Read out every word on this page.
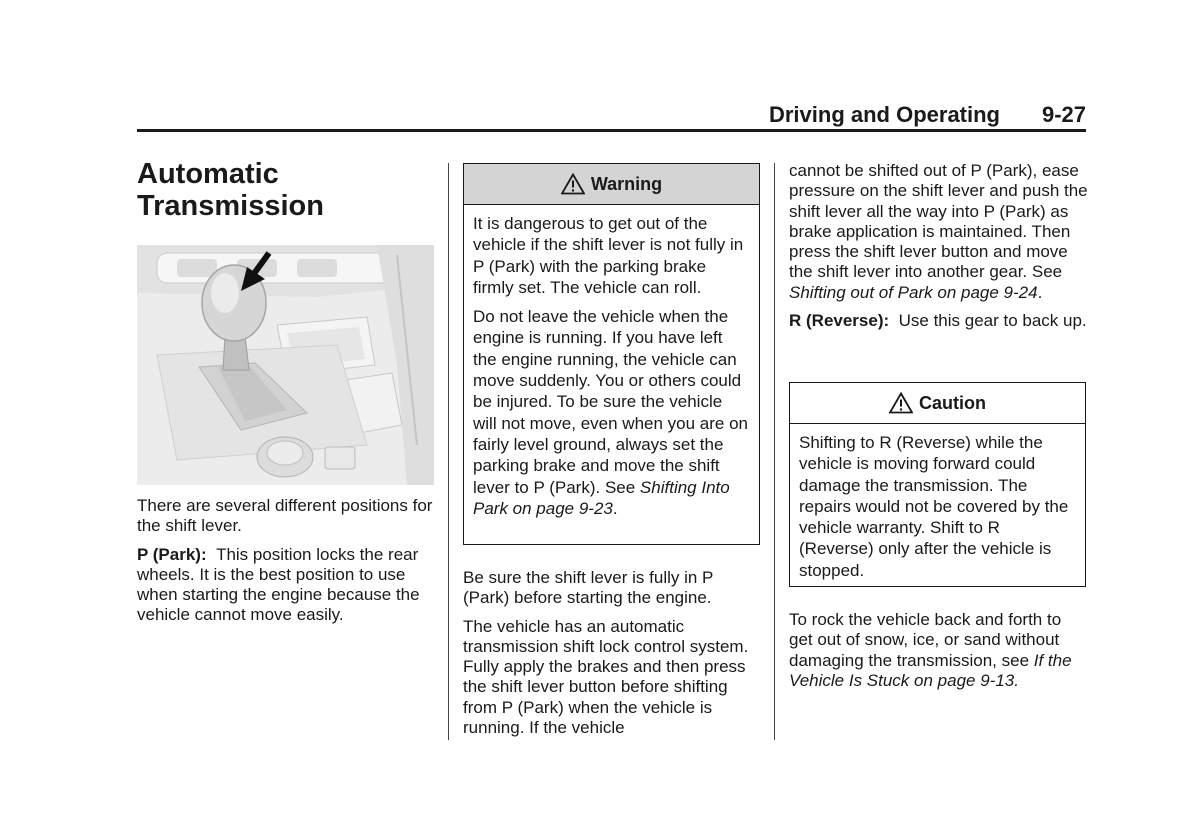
Driving and Operating 9-27
Automatic
Transmission

There are several different positions for the shift lever.

P (Park): This position locks the rear wheels. It is the best position to use when starting the engine because the vehicle cannot move easily.

Warning

It is dangerous to get out of the vehicle if the shift lever is not fully in P (Park) with the parking brake firmly set. The vehicle can roll.

Do not leave the vehicle when the engine is running. If you have left the engine running, the vehicle can move suddenly. You or others could be injured. To be sure the vehicle will not move, even when you are on fairly level ground, always set the parking brake and move the shift lever to P (Park). See Shifting Into Park on page 9-23.

Be sure the shift lever is fully in P (Park) before starting the engine.

The vehicle has an automatic transmission shift lock control system. Fully apply the brakes and then press the shift lever button before shifting from P (Park) when the vehicle is running. If the vehicle

cannot be shifted out of P (Park), ease pressure on the shift lever and push the shift lever all the way into P (Park) as brake application is maintained. Then press the shift lever button and move the shift lever into another gear. See Shifting out of Park on page 9-24.

R (Reverse): Use this gear to back up.

Caution

Shifting to R (Reverse) while the vehicle is moving forward could damage the transmission. The repairs would not be covered by the vehicle warranty. Shift to R (Reverse) only after the vehicle is stopped.

To rock the vehicle back and forth to get out of snow, ice, or sand without damaging the transmission, see If the Vehicle Is Stuck on page 9-13.
